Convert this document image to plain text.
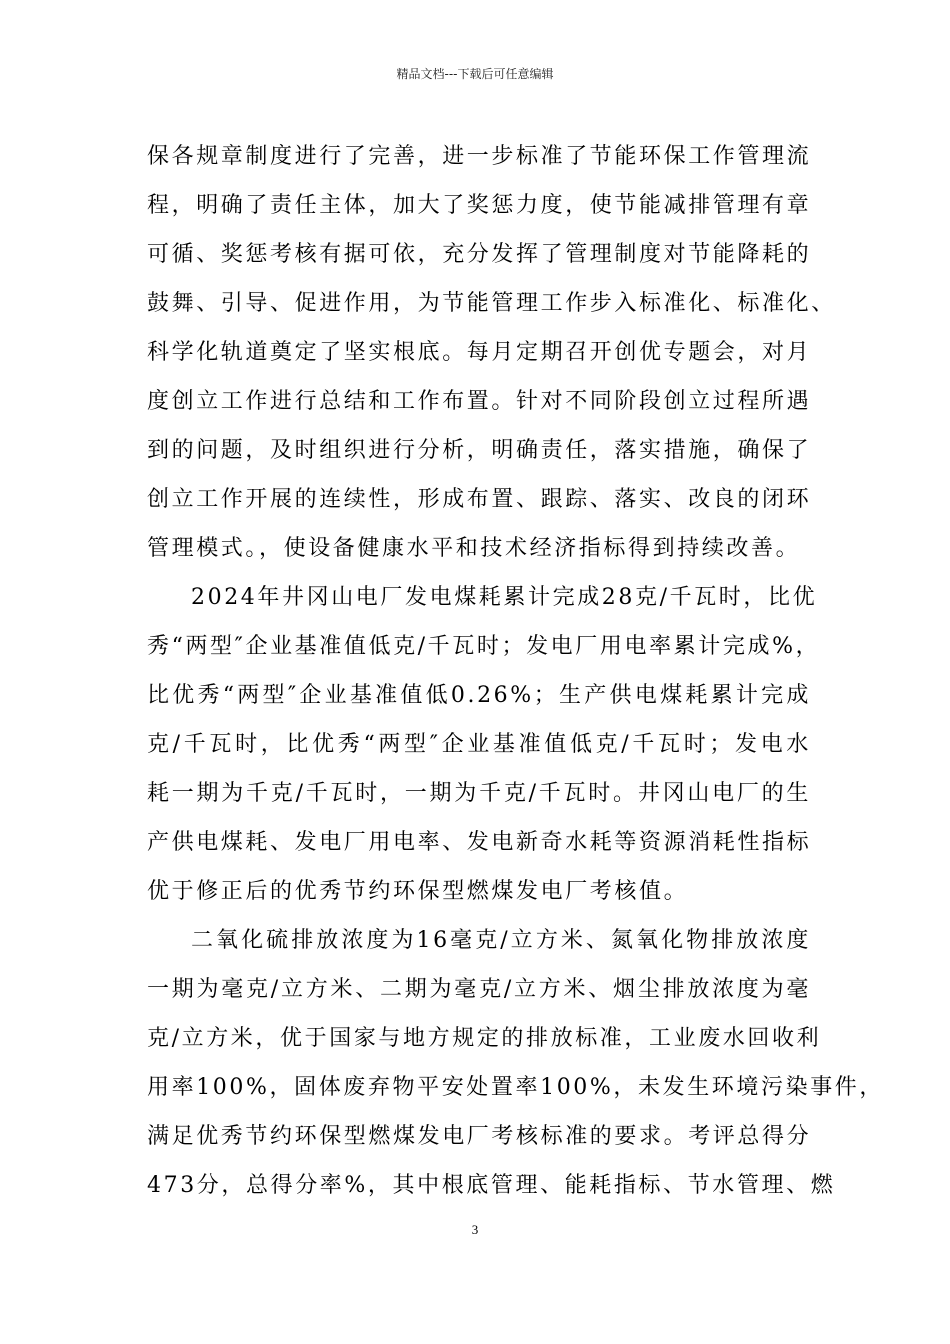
精品文档---下载后可任意编辑
保各规章制度进行了完善，进一步标准了节能环保工作管理流
程，明确了责任主体，加大了奖惩力度，使节能减排管理有章
可循、奖惩考核有据可依，充分发挥了管理制度对节能降耗的
鼓舞、引导、促进作用，为节能管理工作步入标准化、标准化、
科学化轨道奠定了坚实根底。每月定期召开创优专题会，对月
度创立工作进行总结和工作布置。针对不同阶段创立过程所遇
到的问题，及时组织进行分析，明确责任，落实措施，确保了
创立工作开展的连续性，形成布置、跟踪、落实、改良的闭环
管理模式。，使设备健康水平和技术经济指标得到持续改善。
2024年井冈山电厂发电煤耗累计完成28克/千瓦时，比优
秀“两型″企业基准值低克/千瓦时；发电厂用电率累计完成%，
比优秀“两型″企业基准值低0.26%；生产供电煤耗累计完成
克/千瓦时，比优秀“两型″企业基准值低克/千瓦时；发电水
耗一期为千克/千瓦时，一期为千克/千瓦时。井冈山电厂的生
产供电煤耗、发电厂用电率、发电新奇水耗等资源消耗性指标
优于修正后的优秀节约环保型燃煤发电厂考核值。
二氧化硫排放浓度为16毫克/立方米、氮氧化物排放浓度
一期为毫克/立方米、二期为毫克/立方米、烟尘排放浓度为毫
克/立方米，优于国家与地方规定的排放标准，工业废水回收利
用率100%，固体废弃物平安处置率100%，未发生环境污染事件，
满足优秀节约环保型燃煤发电厂考核标准的要求。考评总得分
473分，总得分率%，其中根底管理、能耗指标、节水管理、燃
3
